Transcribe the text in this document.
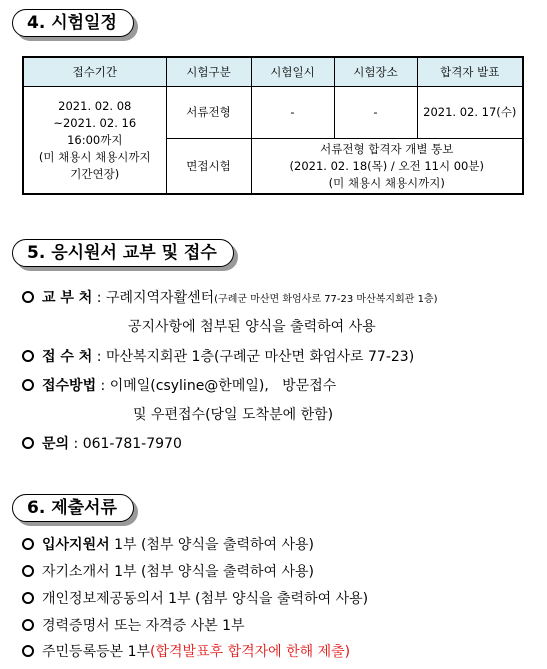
4. 시험일정
접수기간	시험구분	시험일시	시험장소	합격자 발표

2021. 02. 08
~2021. 02. 16
16:00까지
(미 채용시 채용시까지
기간연장)	서류전형	-	-	2021. 02. 17(수)
	면접시험	서류전형 합격자 개별 통보
(2021. 02. 18(목) / 오전 11시 00분)
(미 채용시 채용시까지)		
5. 응시원서 교부 및 접수
교 부 처 : 구례지역자활센터(구례군 마산면 화엄사로 77-23 마산복지회관 1층)
공지사항에 첨부된 양식을 출력하여 사용
접 수 처 : 마산복지회관 1층(구례군 마산면 화엄사로 77-23)
접수방법 : 이메일(csyline@한메일), 방문접수
및 우편접수(당일 도착분에 한함)
문의 : 061-781-7970
6. 제출서류
입사지원서 1부 (첨부 양식을 출력하여 사용)
자기소개서 1부 (첨부 양식을 출력하여 사용)
개인정보제공동의서 1부 (첨부 양식을 출력하여 사용)
경력증명서 또는 자격증 사본 1부
주민등록등본 1부(합격발표후 합격자에 한해 제출)
